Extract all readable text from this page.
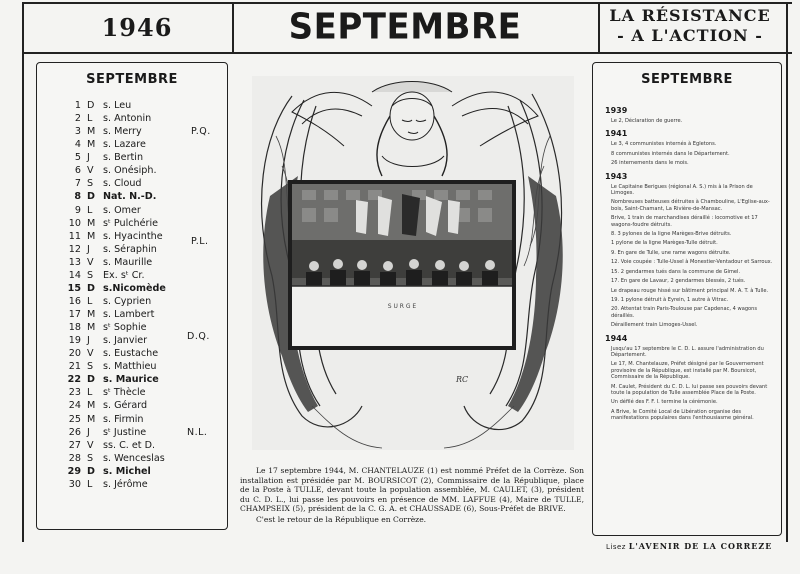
1946	SEPTEMBRE	LA RÉSISTANCE
- A L'ACTION -
SEPTEMBRE
1 D s. Leu
2 L s. Antonin
3 M s. Merry
4 M s. Lazare
5 J s. Bertin
6 V s. Onésiph.
7 S s. Cloud
8 D Nat. N.-D.
9 L s. Omer
10 M sᵗ Pulchérie
11 M s. Hyacinthe
12 J s. Séraphin
13 V s. Maurille
14 S Ex. sᵗ Cr.
15 D s.Nicomède
16 L s. Cyprien
17 M s. Lambert
18 M sᵗ Sophie
19 J s. Janvier
20 V s. Eustache
21 S s. Matthieu
22 D s. Maurice
23 L sᵗ Thècle
24 M s. Gérard
25 M s. Firmin
26 J sᵗ Justine
27 V ss. C. et D.
28 S s. Wenceslas
29 D s. Michel
30 L s. Jérôme
P.Q.
P.L.
D.Q.
N.L.
S U R G E
RC
Le 17 septembre 1944, M. CHANTELAUZE (1) est nommé Préfet de la Corrèze. Son installation est présidée par M. BOURSICOT (2), Commissaire de la République, place de la Poste à TULLE, devant toute la population assemblée, M. CAULET, (3), président du C. D. L., lui passe les pouvoirs en présence de MM. LAFFUE (4), Maire de TULLE, CHAMPSEIX (5), président de la C. G. A. et CHAUSSADE (6), Sous-Préfet de BRIVE.
C'est le retour de la République en Corrèze.
SEPTEMBRE
1939
Le 2, Déclaration de guerre.
1941
Le 3, 4 communistes internés à Egletons.
8 communistes internés dans le Département.
26 internements dans le mois.
1943
Le Capitaine Berigues (régional A. S.) mis à la Prison de Limoges.
Nombreuses batteuses détruites à Chambouline, L'Eglise-aux-bois, Saint-Chamant, La Rivière-de-Mansac.
Brive, 1 train de marchandises déraillé : locomotive et 17 wagons-foudre détruits.
8. 3 pylones de la ligne Marèges-Brive détruits.
1 pylone de la ligne Marèges-Tulle détruit.
9. En gare de Tulle, une rame wagons détruite.
12. Voie coupée : Tulle-Ussel à Monestier-Ventadour et Sarroux.
15. 2 gendarmes tués dans la commune de Gimel.
17. En gare de Lavaur, 2 gendarmes blessés, 2 tués.
Le drapeau rouge hissé sur bâtiment principal M. A. T. à Tulle.
19. 1 pylone détruit à Eyrein, 1 autre à Vitrac.
20. Attentat train Paris-Toulouse par Capdenac, 4 wagons déraillés.
Déraillement train Limoges-Ussel.
1944
Jusqu'au 17 septembre le C. D. L. assure l'administration du Département.
Le 17, M. Chantelauze, Préfet désigné par le Gouvernement provisoire de la République, est installé par M. Boursicot, Commissaire de la République.
M. Caulet, Président du C. D. L. lui passe ses pouvoirs devant toute la population de Tulle assemblée Place de la Poste.
Un défilé des F. F. I. termine la cérémonie.
A Brive, le Comité Local de Libération organise des manifestations populaires dans l'enthousiasme général.
Lisez L'AVENIR DE LA CORREZE
